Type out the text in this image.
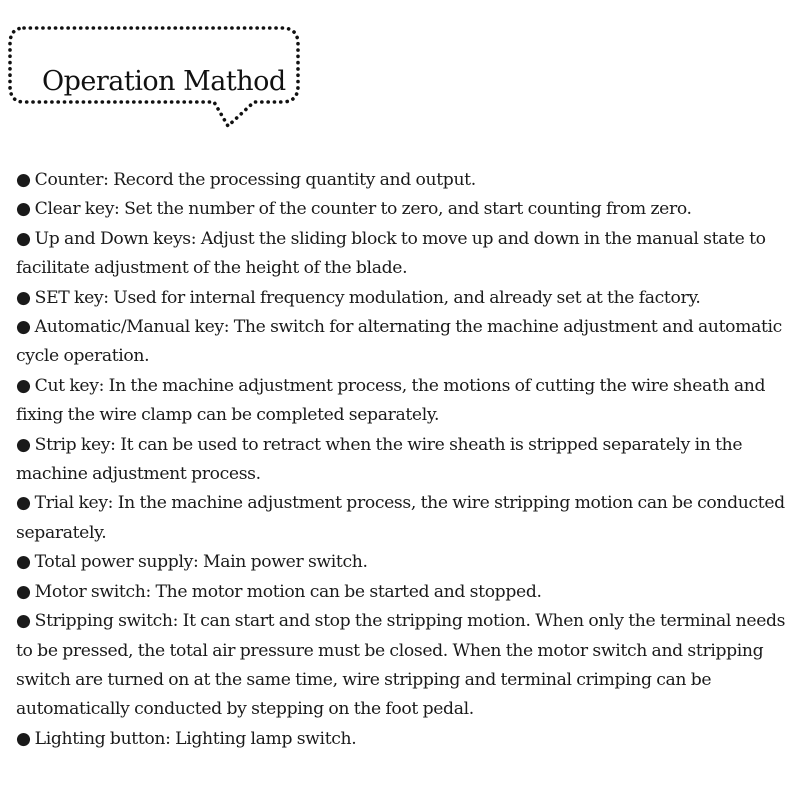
Operation Mathod
● Counter: Record the processing quantity and output.
● Clear key: Set the number of the counter to zero, and start counting from zero.
● Up and Down keys: Adjust the sliding block to move up and down in the manual state to facilitate adjustment of the height of the blade.
● SET key: Used for internal frequency modulation, and already set at the factory.
● Automatic/Manual key: The switch for alternating the machine adjustment and automatic cycle operation.
● Cut key: In the machine adjustment process, the motions of cutting the wire sheath and fixing the wire clamp can be completed separately.
● Strip key: It can be used to retract when the wire sheath is stripped separately in the machine adjustment process.
● Trial key: In the machine adjustment process, the wire stripping motion can be conducted separately.
● Total power supply: Main power switch.
● Motor switch: The motor motion can be started and stopped.
● Stripping switch: It can start and stop the stripping motion. When only the terminal needs to be pressed, the total air pressure must be closed. When the motor switch and stripping switch are turned on at the same time, wire stripping and terminal crimping can be automatically conducted by stepping on the foot pedal.
● Lighting button: Lighting lamp switch.
